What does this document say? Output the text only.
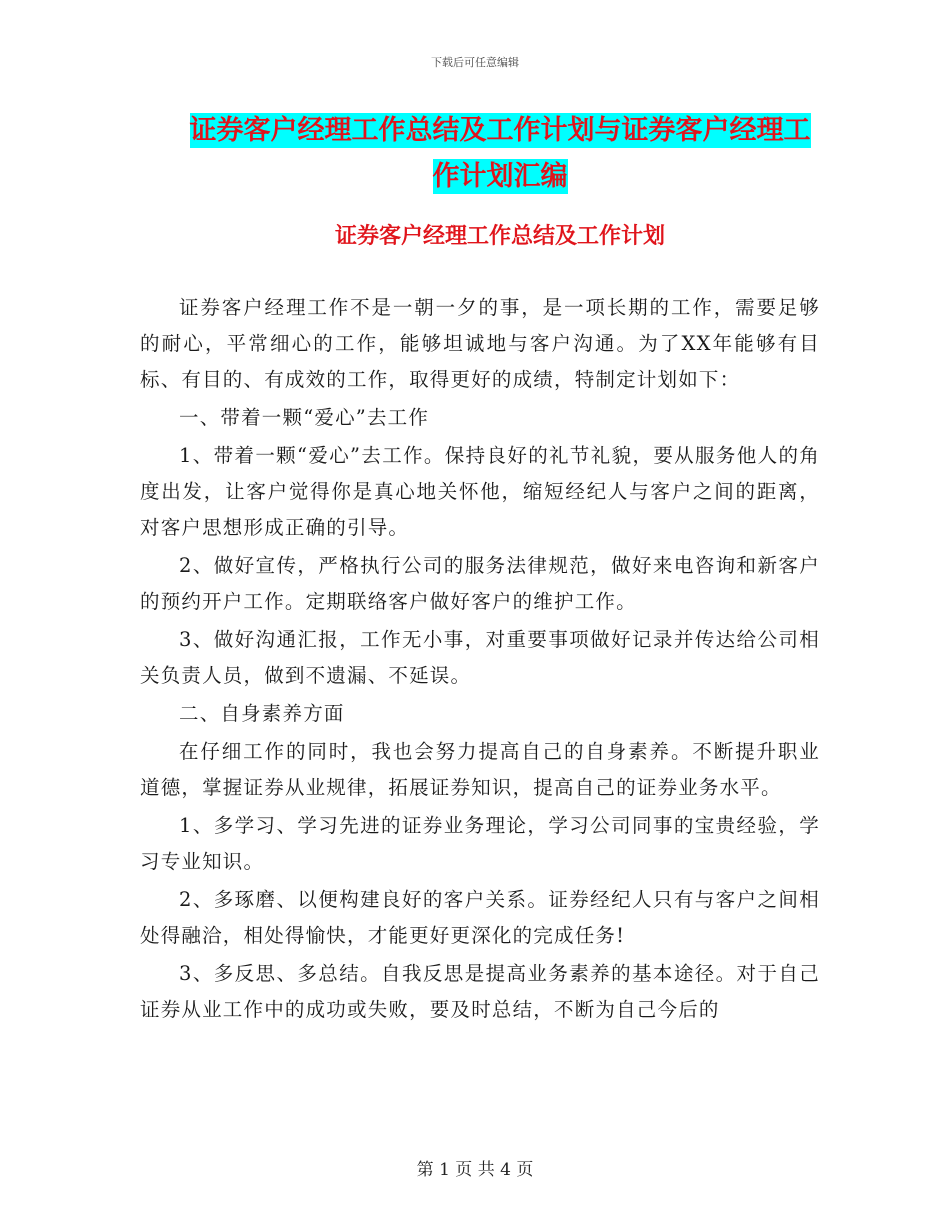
下载后可任意编辑
证券客户经理工作总结及工作计划与证券客户经理工
作计划汇编
证券客户经理工作总结及工作计划

证券客户经理工作不是一朝一夕的事，是一项长期的工作，需要足够的耐心，平常细心的工作，能够坦诚地与客户沟通。为了XX年能够有目标、有目的、有成效的工作，取得更好的成绩，特制定计划如下：

一、带着一颗“爱心”去工作

1、带着一颗“爱心”去工作。保持良好的礼节礼貌，要从服务他人的角度出发，让客户觉得你是真心地关怀他，缩短经纪人与客户之间的距离，对客户思想形成正确的引导。

2、做好宣传，严格执行公司的服务法律规范，做好来电咨询和新客户的预约开户工作。定期联络客户做好客户的维护工作。

3、做好沟通汇报，工作无小事，对重要事项做好记录并传达给公司相关负责人员，做到不遗漏、不延误。

二、自身素养方面

在仔细工作的同时，我也会努力提高自己的自身素养。不断提升职业道德，掌握证券从业规律，拓展证券知识，提高自己的证券业务水平。

1、多学习、学习先进的证券业务理论，学习公司同事的宝贵经验，学习专业知识。

2、多琢磨、以便构建良好的客户关系。证券经纪人只有与客户之间相处得融洽，相处得愉快，才能更好更深化的完成任务!

3、多反思、多总结。自我反思是提高业务素养的基本途径。对于自己证券从业工作中的成功或失败，要及时总结，不断为自己今后的

第 1 页 共 4 页
